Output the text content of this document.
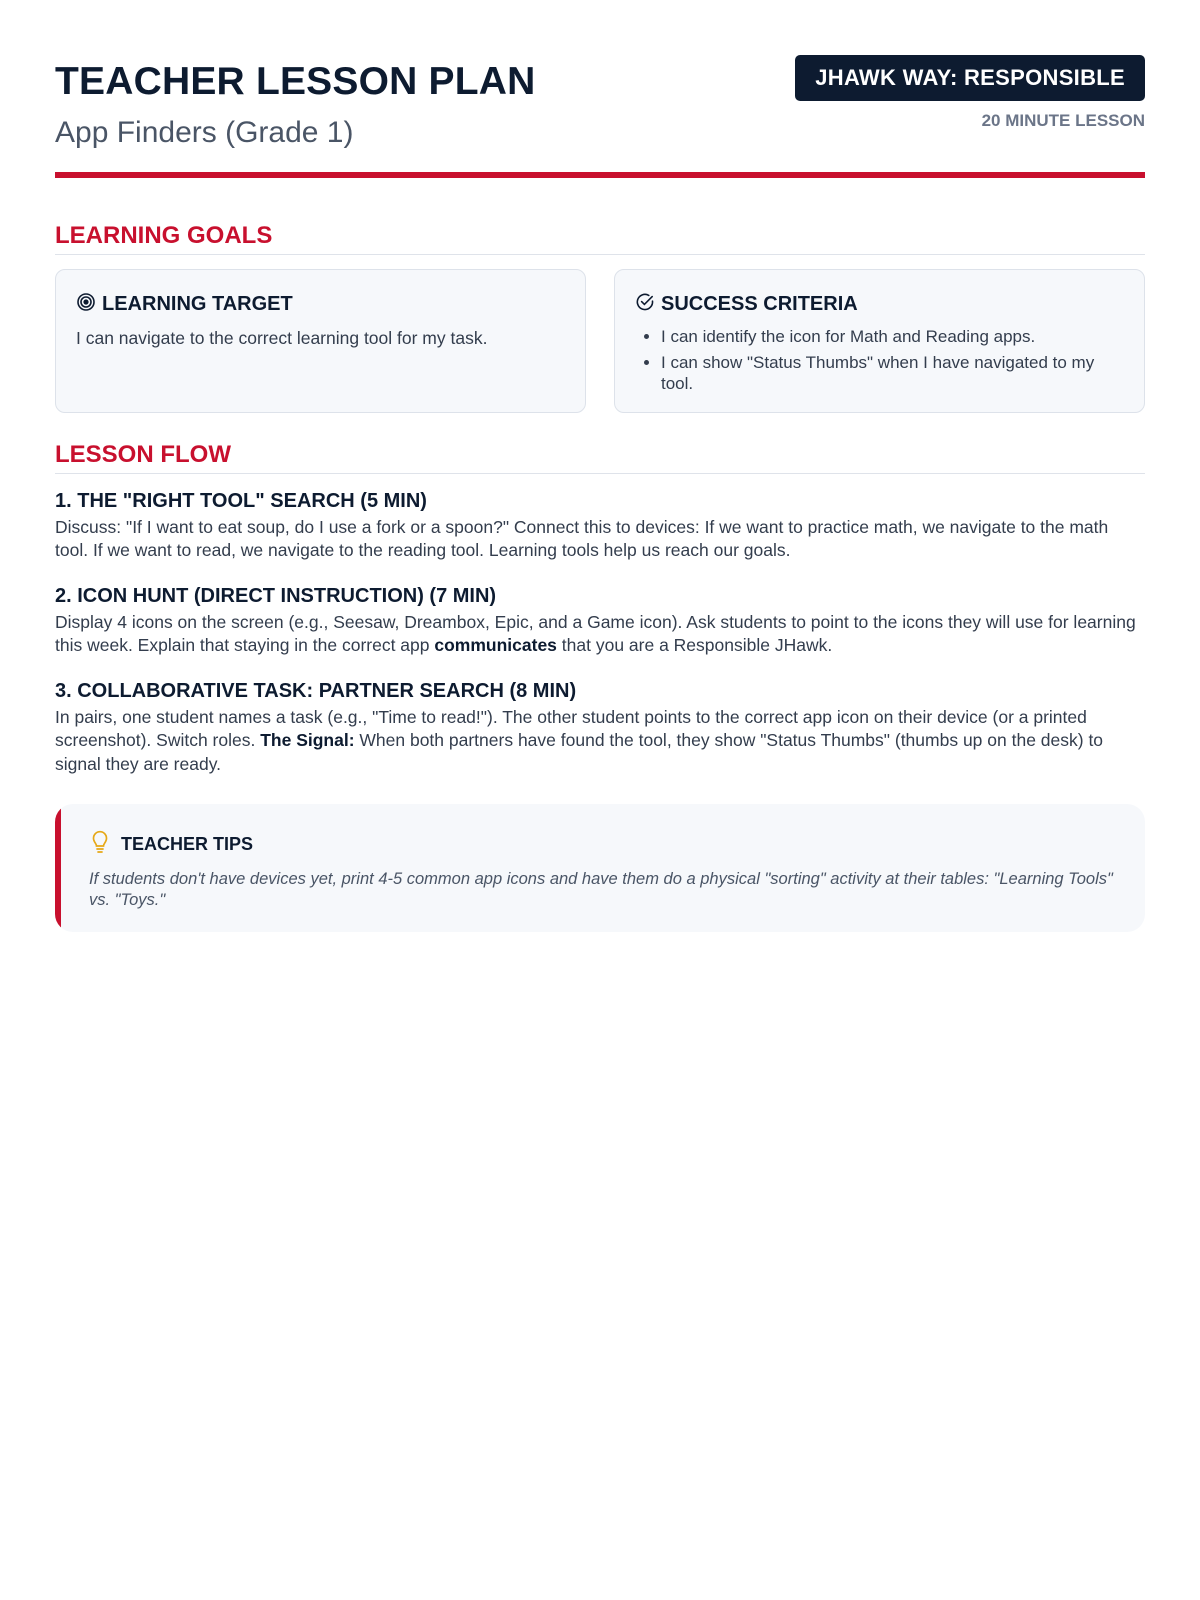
TEACHER LESSON PLAN
App Finders (Grade 1)
JHAWK WAY: RESPONSIBLE
20 MINUTE LESSON
LEARNING GOALS
LEARNING TARGET

I can navigate to the correct learning tool for my task.

SUCCESS CRITERIA
• I can identify the icon for Math and Reading apps.
• I can show "Status Thumbs" when I have navigated to my tool.
LESSON FLOW
1. THE "RIGHT TOOL" SEARCH (5 MIN)

Discuss: "If I want to eat soup, do I use a fork or a spoon?" Connect this to devices: If we want to practice math, we navigate to the math tool. If we want to read, we navigate to the reading tool. Learning tools help us reach our goals.

2. ICON HUNT (DIRECT INSTRUCTION) (7 MIN)

Display 4 icons on the screen (e.g., Seesaw, Dreambox, Epic, and a Game icon). Ask students to point to the icons they will use for learning this week. Explain that staying in the correct app communicates that you are a Responsible JHawk.

3. COLLABORATIVE TASK: PARTNER SEARCH (8 MIN)

In pairs, one student names a task (e.g., "Time to read!"). The other student points to the correct app icon on their device (or a printed screenshot). Switch roles. The Signal: When both partners have found the tool, they show "Status Thumbs" (thumbs up on the desk) to signal they are ready.

TEACHER TIPS

If students don't have devices yet, print 4-5 common app icons and have them do a physical "sorting" activity at their tables: "Learning Tools" vs. "Toys."
